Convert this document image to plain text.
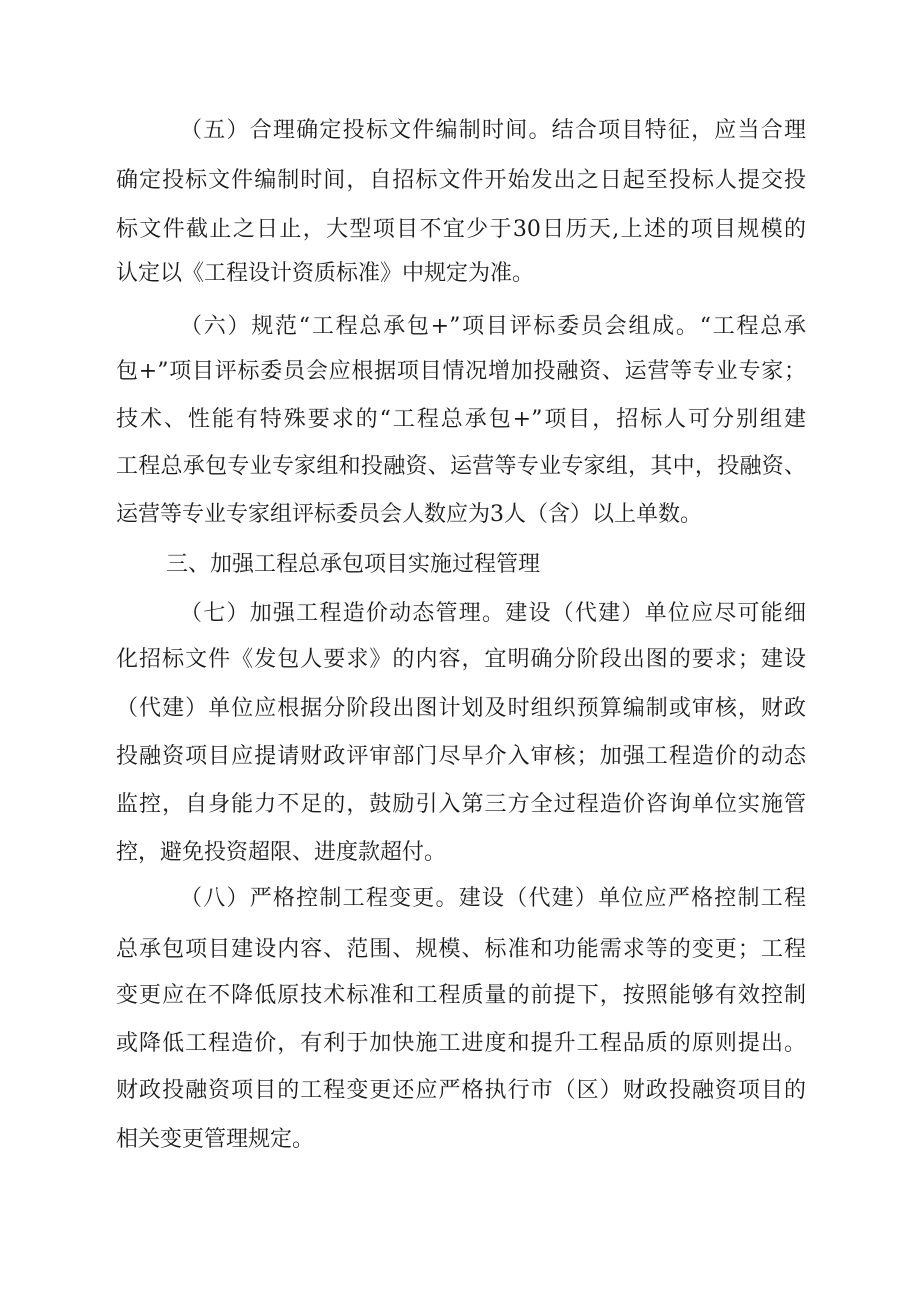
（五）合理确定投标文件编制时间。结合项目特征，应当合理
确定投标文件编制时间，自招标文件开始发出之日起至投标人提交投
标文件截止之日止，大型项目不宜少于30日历天,上述的项目规模的
认定以《工程设计资质标准》中规定为准。
（六）规范“工程总承包+”项目评标委员会组成。“工程总承
包+”项目评标委员会应根据项目情况增加投融资、运营等专业专家；
技术、性能有特殊要求的“工程总承包+”项目，招标人可分别组建
工程总承包专业专家组和投融资、运营等专业专家组，其中，投融资、
运营等专业专家组评标委员会人数应为3人（含）以上单数。
三、加强工程总承包项目实施过程管理
（七）加强工程造价动态管理。建设（代建）单位应尽可能细
化招标文件《发包人要求》的内容，宜明确分阶段出图的要求；建设
（代建）单位应根据分阶段出图计划及时组织预算编制或审核，财政
投融资项目应提请财政评审部门尽早介入审核；加强工程造价的动态
监控，自身能力不足的，鼓励引入第三方全过程造价咨询单位实施管
控，避免投资超限、进度款超付。
（八）严格控制工程变更。建设（代建）单位应严格控制工程
总承包项目建设内容、范围、规模、标准和功能需求等的变更；工程
变更应在不降低原技术标准和工程质量的前提下，按照能够有效控制
或降低工程造价，有利于加快施工进度和提升工程品质的原则提出。
财政投融资项目的工程变更还应严格执行市（区）财政投融资项目的
相关变更管理规定。
